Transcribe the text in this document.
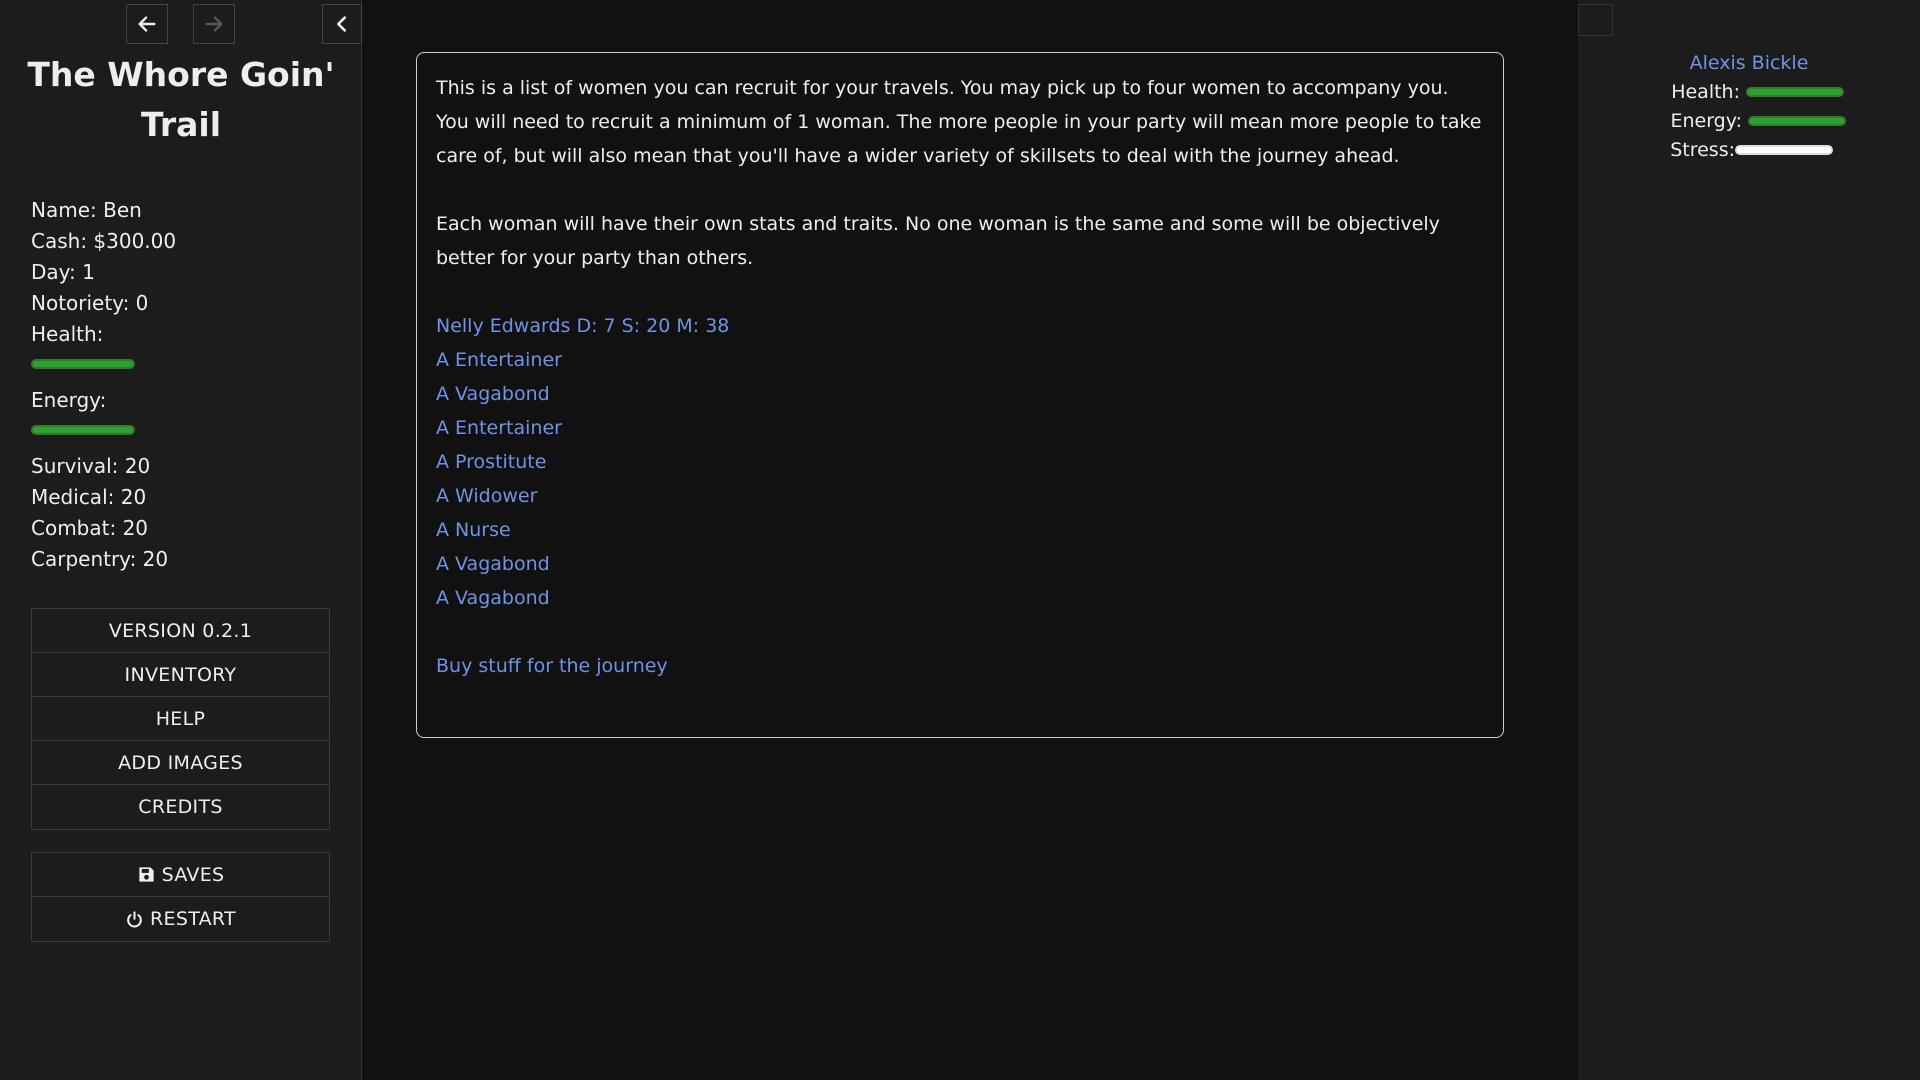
The Whore Goin' Trail
Name: Ben
Cash: $300.00
Day: 1
Notoriety: 0
Health:
Energy:
Survival: 20
Medical: 20
Combat: 20
Carpentry: 20
VERSION 0.2.1
INVENTORY
HELP
ADD IMAGES
CREDITS
SAVES
RESTART

This is a list of women you can recruit for your travels. You may pick up to four women to accompany you. You will need to recruit a minimum of 1 woman. The more people in your party will mean more people to take care of, but will also mean that you'll have a wider variety of skillsets to deal with the journey ahead.

Each woman will have their own stats and traits. No one woman is the same and some will be objectively better for your party than others.

Nelly Edwards D: 7 S: 20 M: 38
A Entertainer
A Vagabond
A Entertainer
A Prostitute
A Widower
A Nurse
A Vagabond
A Vagabond
Buy stuff for the journey
Alexis Bickle
Health:
Energy:
Stress:
